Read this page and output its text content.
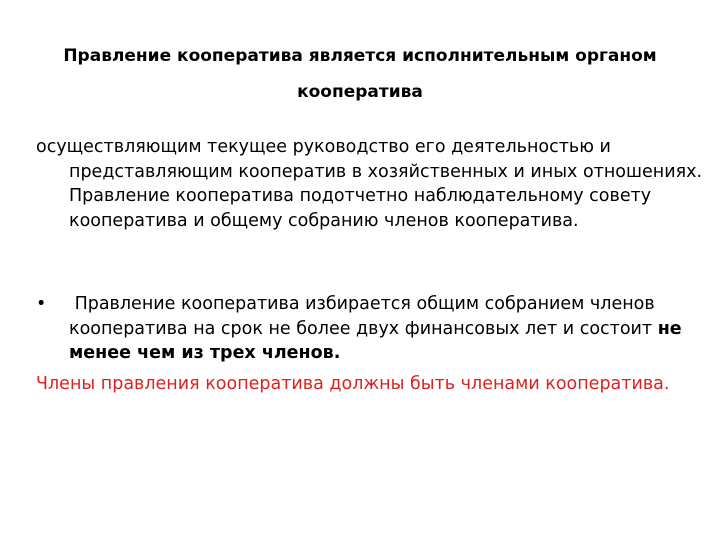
Правление кооператива является исполнительным органом кооператива
осуществляющим текущее руководство его деятельностью и представляющим кооператив в хозяйственных и иных отношениях. Правление кооператива подотчетно наблюдательному совету кооператива и общему собранию членов кооператива.
• Правление кооператива избирается общим собранием членов кооператива на срок не более двух финансовых лет и состоит не менее чем из трех членов.
Члены правления кооператива должны быть членами кооператива.
